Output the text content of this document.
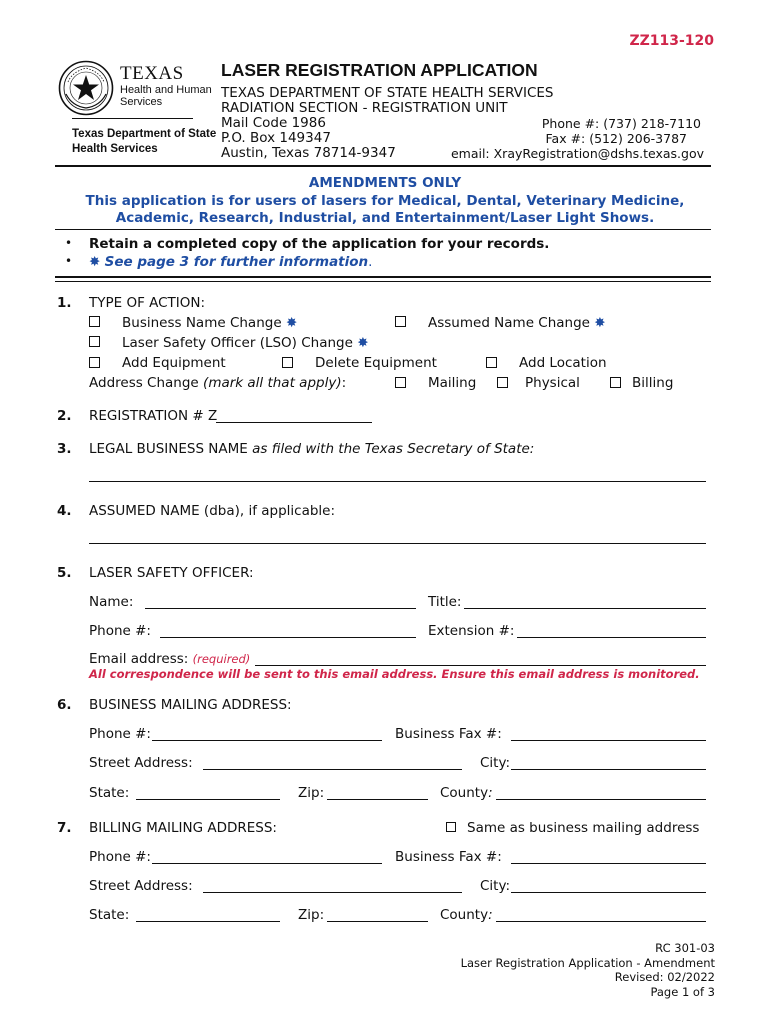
ZZ113-120
TEXAS
Health and Human
Services
Texas Department of State
Health Services
LASER REGISTRATION APPLICATION
TEXAS DEPARTMENT OF STATE HEALTH SERVICES
RADIATION SECTION - REGISTRATION UNIT
Mail Code 1986
P.O. Box 149347
Austin, Texas 78714-9347
Phone #: (737) 218-7110
Fax #: (512) 206-3787
email: XrayRegistration@dshs.texas.gov
AMENDMENTS ONLY
This application is for users of lasers for Medical, Dental, Veterinary Medicine,
Academic, Research, Industrial, and Entertainment/Laser Light Shows.
• Retain a completed copy of the application for your records.
• ✸ See page 3 for further information.
1. TYPE OF ACTION:
Business Name Change ✸	Assumed Name Change ✸
Laser Safety Officer (LSO) Change ✸
Add Equipment	Delete Equipment	Add Location
Address Change (mark all that apply):	Mailing	Physical	Billing
2. REGISTRATION # Z
3. LEGAL BUSINESS NAME as filed with the Texas Secretary of State:
4. ASSUMED NAME (dba), if applicable:
5. LASER SAFETY OFFICER:
Name:	Title:
Phone #:	Extension #:
Email address: (required)
All correspondence will be sent to this email address. Ensure this email address is monitored.
6. BUSINESS MAILING ADDRESS:
Phone #:	Business Fax #:
Street Address:	City:
State:	Zip:	County:
7. BILLING MAILING ADDRESS:	Same as business mailing address
Phone #:	Business Fax #:
Street Address:	City:
State:	Zip:	County:
RC 301-03
Laser Registration Application - Amendment
Revised: 02/2022
Page 1 of 3
